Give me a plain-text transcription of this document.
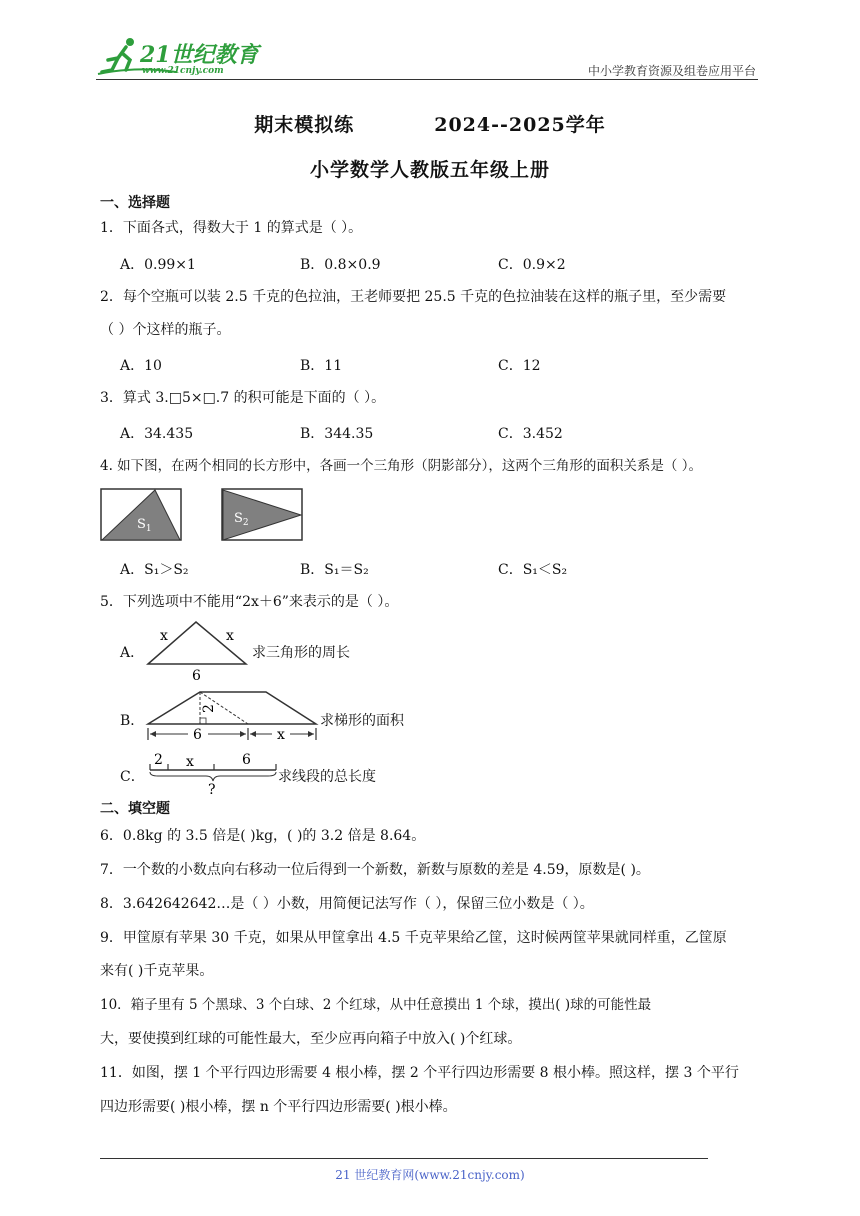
21世纪教育
www.21cnjy.com	中小学教育资源及组卷应用平台
期末模拟练	2024--2025学年
小学数学人教版五年级上册
一、选择题
1．下面各式，得数大于 1 的算式是（ ）。
A．0.99×1	B．0.8×0.9	C．0.9×2
2．每个空瓶可以装 2.5 千克的色拉油，王老师要把 25.5 千克的色拉油装在这样的瓶子里，至少需要
（ ）个这样的瓶子。
A．10	B．11	C．12
3．算式 3.□5×□.7 的积可能是下面的（ ）。
A．34.435	B．344.35	C．3.452
4. 如下图，在两个相同的长方形中，各画一个三角形（阴影部分），这两个三角形的面积关系是（ ）。
$S_1$
$S_2$
A．S₁＞S₂	B．S₁＝S₂	C．S₁＜S₂
5．下列选项中不能用“2x＋6”来表示的是（ ）。
A．
x	x
6
求三角形的周长
B．
2
6	x
求梯形的面积
C．
2 x	6
?
求线段的总长度
二、填空题
6．0.8kg 的 3.5 倍是( )kg，( )的 3.2 倍是 8.64。
7．一个数的小数点向右移动一位后得到一个新数，新数与原数的差是 4.59，原数是( )。
8．3.642642642…是（ ）小数，用简便记法写作（ ），保留三位小数是（ ）。
9．甲筐原有苹果 30 千克，如果从甲筐拿出 4.5 千克苹果给乙筐，这时候两筐苹果就同样重，乙筐原
来有( )千克苹果。
10．箱子里有 5 个黑球、3 个白球、2 个红球，从中任意摸出 1 个球，摸出( )球的可能性最
大，要使摸到红球的可能性最大，至少应再向箱子中放入( )个红球。
11．如图，摆 1 个平行四边形需要 4 根小棒，摆 2 个平行四边形需要 8 根小棒。照这样，摆 3 个平行
四边形需要( )根小棒，摆 n 个平行四边形需要( )根小棒。
21 世纪教育网(www.21cnjy.com)
